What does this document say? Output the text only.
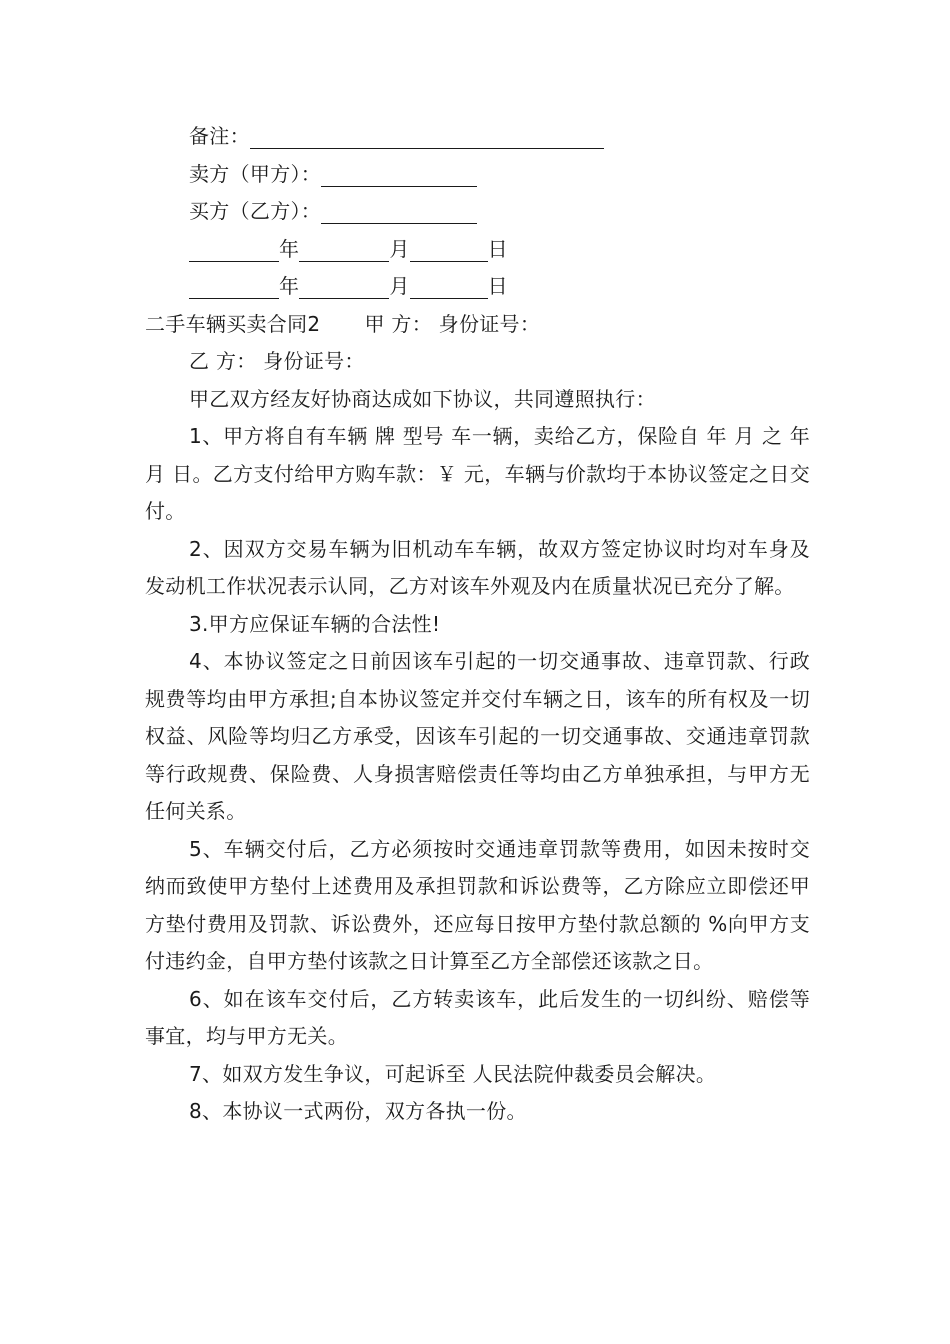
备注：
卖方（甲方）：
买方（乙方）：
年	月	日
年	月	日
二手车辆买卖合同2 甲 方： 身份证号：
乙 方： 身份证号：
甲乙双方经友好协商达成如下协议，共同遵照执行：

1、甲方将自有车辆 牌 型号 车一辆，卖给乙方，保险自 年 月 之 年 月 日。乙方支付给甲方购车款：￥ 元，车辆与价款均于本协议签定之日交付。

2、因双方交易车辆为旧机动车车辆，故双方签定协议时均对车身及发动机工作状况表示认同，乙方对该车外观及内在质量状况已充分了解。

3.甲方应保证车辆的合法性!

4、本协议签定之日前因该车引起的一切交通事故、违章罚款、行政规费等均由甲方承担;自本协议签定并交付车辆之日，该车的所有权及一切权益、风险等均归乙方承受，因该车引起的一切交通事故、交通违章罚款等行政规费、保险费、人身损害赔偿责任等均由乙方单独承担，与甲方无任何关系。

5、车辆交付后，乙方必须按时交通违章罚款等费用，如因未按时交纳而致使甲方垫付上述费用及承担罚款和诉讼费等，乙方除应立即偿还甲方垫付费用及罚款、诉讼费外，还应每日按甲方垫付款总额的 %向甲方支付违约金，自甲方垫付该款之日计算至乙方全部偿还该款之日。

6、如在该车交付后，乙方转卖该车，此后发生的一切纠纷、赔偿等事宜，均与甲方无关。

7、如双方发生争议，可起诉至 人民法院仲裁委员会解决。

8、本协议一式两份，双方各执一份。
